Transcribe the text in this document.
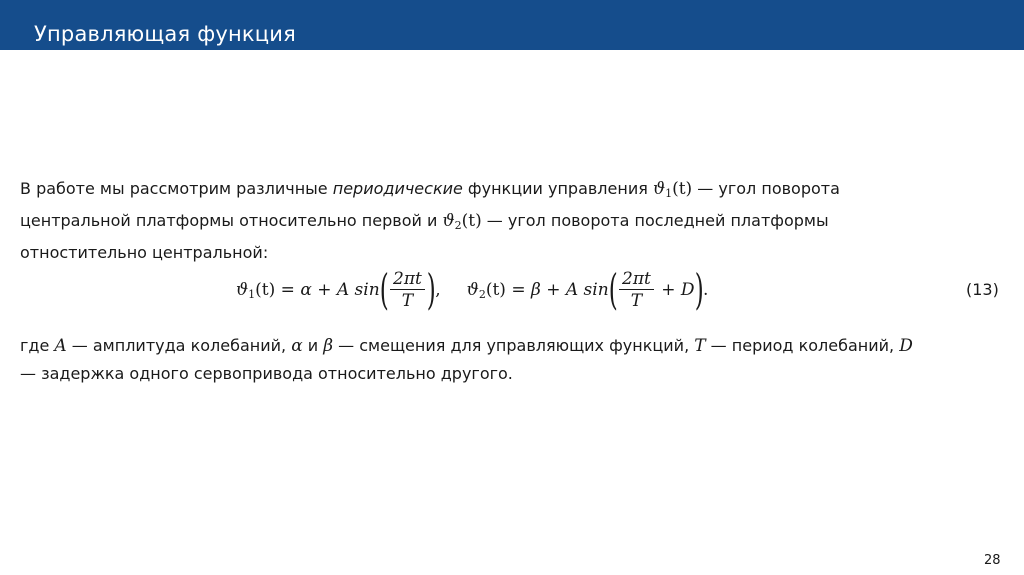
Управляющая функция
В работе мы рассмотрим различные периодические функции управления $ϑ_1(t)$ — угол поворота
центральной платформы относительно первой и $ϑ_2(t)$ — угол поворота последней платформы
отностительно центральной:
$ϑ_1$ (t) = α + A sin ( $\frac{2\pi t}{T}$ ) , $ϑ_2$ (t) = β + A sin ( $\frac{2\pi t}{T} + D$ ) .	(13)
где A — амплитуда колебаний, α и β — смещения для управляющих функций, T — период колебаний, D
— задержка одного сервопривода относительно другого.
28
